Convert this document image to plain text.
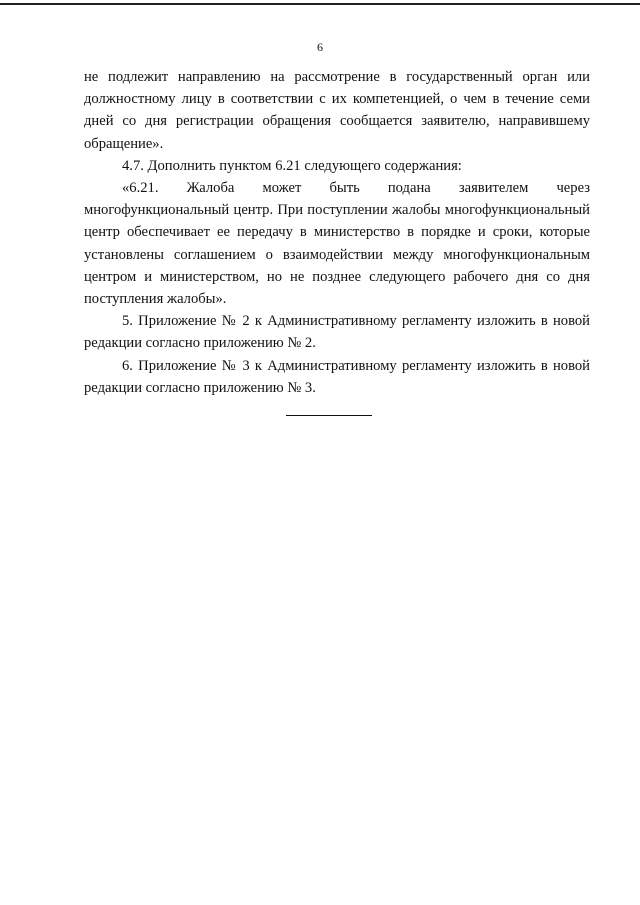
6

не подлежит направлению на рассмотрение в государственный орган или должностному лицу в соответствии с их компетенцией, о чем в течение семи дней со дня регистрации обращения сообщается заявителю, направившему обращение».

4.7. Дополнить пунктом 6.21 следующего содержания:

«6.21. Жалоба может быть подана заявителем через многофункциональный центр. При поступлении жалобы многофункциональный центр обеспечивает ее передачу в министерство в порядке и сроки, которые установлены соглашением о взаимодействии между многофункциональным центром и министерством, но не позднее следующего рабочего дня со дня поступления жалобы».

5. Приложение № 2 к Административному регламенту изложить в новой редакции согласно приложению № 2.

6. Приложение № 3 к Административному регламенту изложить в новой редакции согласно приложению № 3.
